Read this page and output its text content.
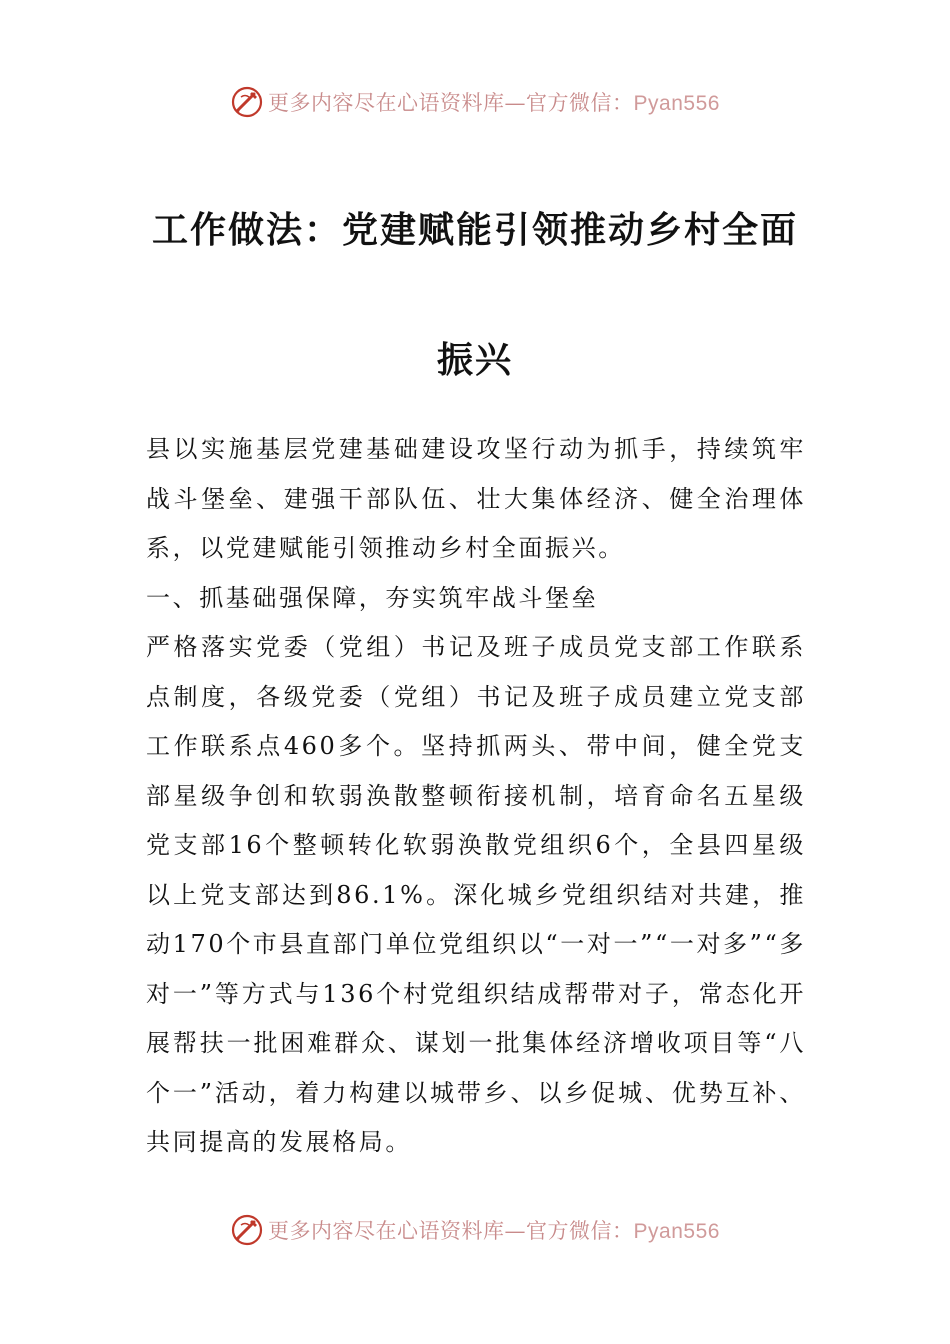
更多内容尽在心语资料库—官方微信：Pyan556
工作做法：党建赋能引领推动乡村全面振兴

县以实施基层党建基础建设攻坚行动为抓手，持续筑牢战斗堡垒、建强干部队伍、壮大集体经济、健全治理体系，以党建赋能引领推动乡村全面振兴。

一、抓基础强保障，夯实筑牢战斗堡垒

严格落实党委（党组）书记及班子成员党支部工作联系点制度，各级党委（党组）书记及班子成员建立党支部工作联系点460多个。坚持抓两头、带中间，健全党支部星级争创和软弱涣散整顿衔接机制，培育命名五星级党支部16个整顿转化软弱涣散党组织6个，全县四星级以上党支部达到86.1%。深化城乡党组织结对共建，推动170个市县直部门单位党组织以“一对一”“一对多”“多对一”等方式与136个村党组织结成帮带对子，常态化开展帮扶一批困难群众、谋划一批集体经济增收项目等“八个一”活动，着力构建以城带乡、以乡促城、优势互补、共同提高的发展格局。

更多内容尽在心语资料库—官方微信：Pyan556
